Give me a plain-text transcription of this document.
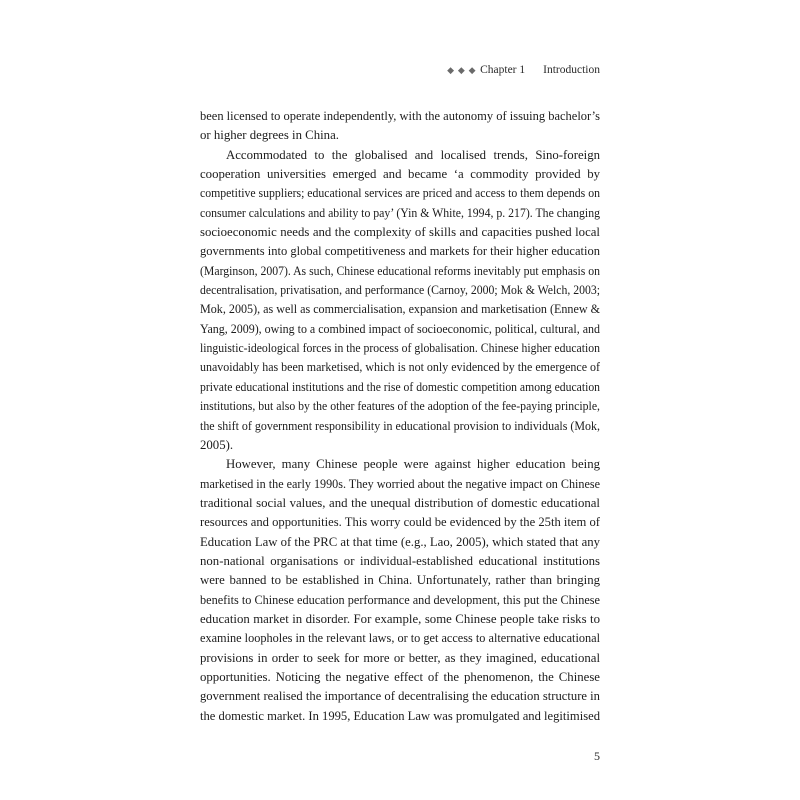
◆ ◆ ◆ Chapter 1 Introduction
been licensed to operate independently, with the autonomy of issuing bachelor’s
or higher degrees in China.
Accommodated to the globalised and localised trends, Sino-foreign
cooperation universities emerged and became ‘a commodity provided by
competitive suppliers; educational services are priced and access to them depends on
consumer calculations and ability to pay’ (Yin & White, 1994, p. 217). The changing
socioeconomic needs and the complexity of skills and capacities pushed local
governments into global competitiveness and markets for their higher education
(Marginson, 2007). As such, Chinese educational reforms inevitably put emphasis on
decentralisation, privatisation, and performance (Carnoy, 2000; Mok & Welch, 2003;
Mok, 2005), as well as commercialisation, expansion and marketisation (Ennew &
Yang, 2009), owing to a combined impact of socioeconomic, political, cultural, and
linguistic-ideological forces in the process of globalisation. Chinese higher education
unavoidably has been marketised, which is not only evidenced by the emergence of
private educational institutions and the rise of domestic competition among education
institutions, but also by the other features of the adoption of the fee-paying principle,
the shift of government responsibility in educational provision to individuals (Mok,
2005).
However, many Chinese people were against higher education being
marketised in the early 1990s. They worried about the negative impact on Chinese
traditional social values, and the unequal distribution of domestic educational
resources and opportunities. This worry could be evidenced by the 25th item of
Education Law of the PRC at that time (e.g., Lao, 2005), which stated that any
non-national organisations or individual-established educational institutions
were banned to be established in China. Unfortunately, rather than bringing
benefits to Chinese education performance and development, this put the Chinese
education market in disorder. For example, some Chinese people take risks to
examine loopholes in the relevant laws, or to get access to alternative educational
provisions in order to seek for more or better, as they imagined, educational
opportunities. Noticing the negative effect of the phenomenon, the Chinese
government realised the importance of decentralising the education structure in
the domestic market. In 1995, Education Law was promulgated and legitimised
5
